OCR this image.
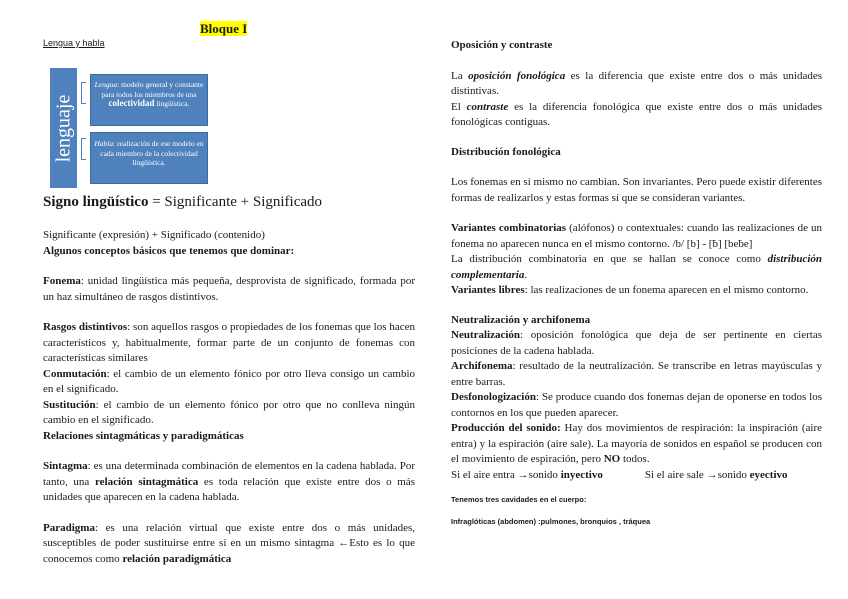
Bloque I
Lengua y habla
lenguaje
Lengua: modelo general y constante para todos los miembros de una colectividad lingüística.
Habla: realización de ese modelo en cada miembro de la colectividad lingüística.
Signo lingüístico = Significante + Significado

Significante (expresión) + Significado (contenido)

Algunos conceptos básicos que tenemos que dominar:

Fonema: unidad lingüística más pequeña, desprovista de significado, formada por un haz simultáneo de rasgos distintivos.

Rasgos distintivos: son aquellos rasgos o propiedades de los fonemas que los hacen característicos y, habitualmente, formar parte de un conjunto de fonemas con características similares

Conmutación: el cambio de un elemento fónico por otro lleva consigo un cambio en el significado.

Sustitución: el cambio de un elemento fónico por otro que no conlleva ningún cambio en el significado.

Relaciones sintagmáticas y paradigmáticas

Sintagma: es una determinada combinación de elementos en la cadena hablada. Por tanto, una relación sintagmática es toda relación que existe entre dos o más unidades que aparecen en la cadena hablada.

Paradigma: es una relación virtual que existe entre dos o más unidades, susceptibles de poder sustituirse entre sí en un mismo sintagma ←Esto es lo que conocemos como relación paradigmática

Oposición y contraste

La oposición fonológica es la diferencia que existe entre dos o más unidades distintivas.

El contraste es la diferencia fonológica que existe entre dos o más unidades fonológicas contiguas.

Distribución fonológica

Los fonemas en sí mismo no cambian. Son invariantes. Pero puede existir diferentes formas de realizarlos y estas formas sí que se consideran variantes.

Variantes combinatorias (alófonos) o contextuales: cuando las realizaciones de un fonema no aparecen nunca en el mismo contorno. /b/ [b] - [ƀ] [beƀe]

La distribución combinatoria en que se hallan se conoce como distribución complementaria.

Variantes libres: las realizaciones de un fonema aparecen en el mismo contorno.

Neutralización y archifonema

Neutralización: oposición fonológica que deja de ser pertinente en ciertas posiciones de la cadena hablada.

Archifonema: resultado de la neutralización. Se transcribe en letras mayúsculas y entre barras.

Desfonologización: Se produce cuando dos fonemas dejan de oponerse en todos los contornos en los que pueden aparecer.

Producción del sonido: Hay dos movimientos de respiración: la inspiración (aire entra) y la espiración (aire sale). La mayoría de sonidos en español se producen con el movimiento de espiración, pero NO todos.

Si el aire entra →sonido inyectivo	Si el aire sale →sonido eyectivo

Tenemos tres cavidades en el cuerpo:

Infraglóticas (abdomen) :pulmones, bronquios , tráquea
